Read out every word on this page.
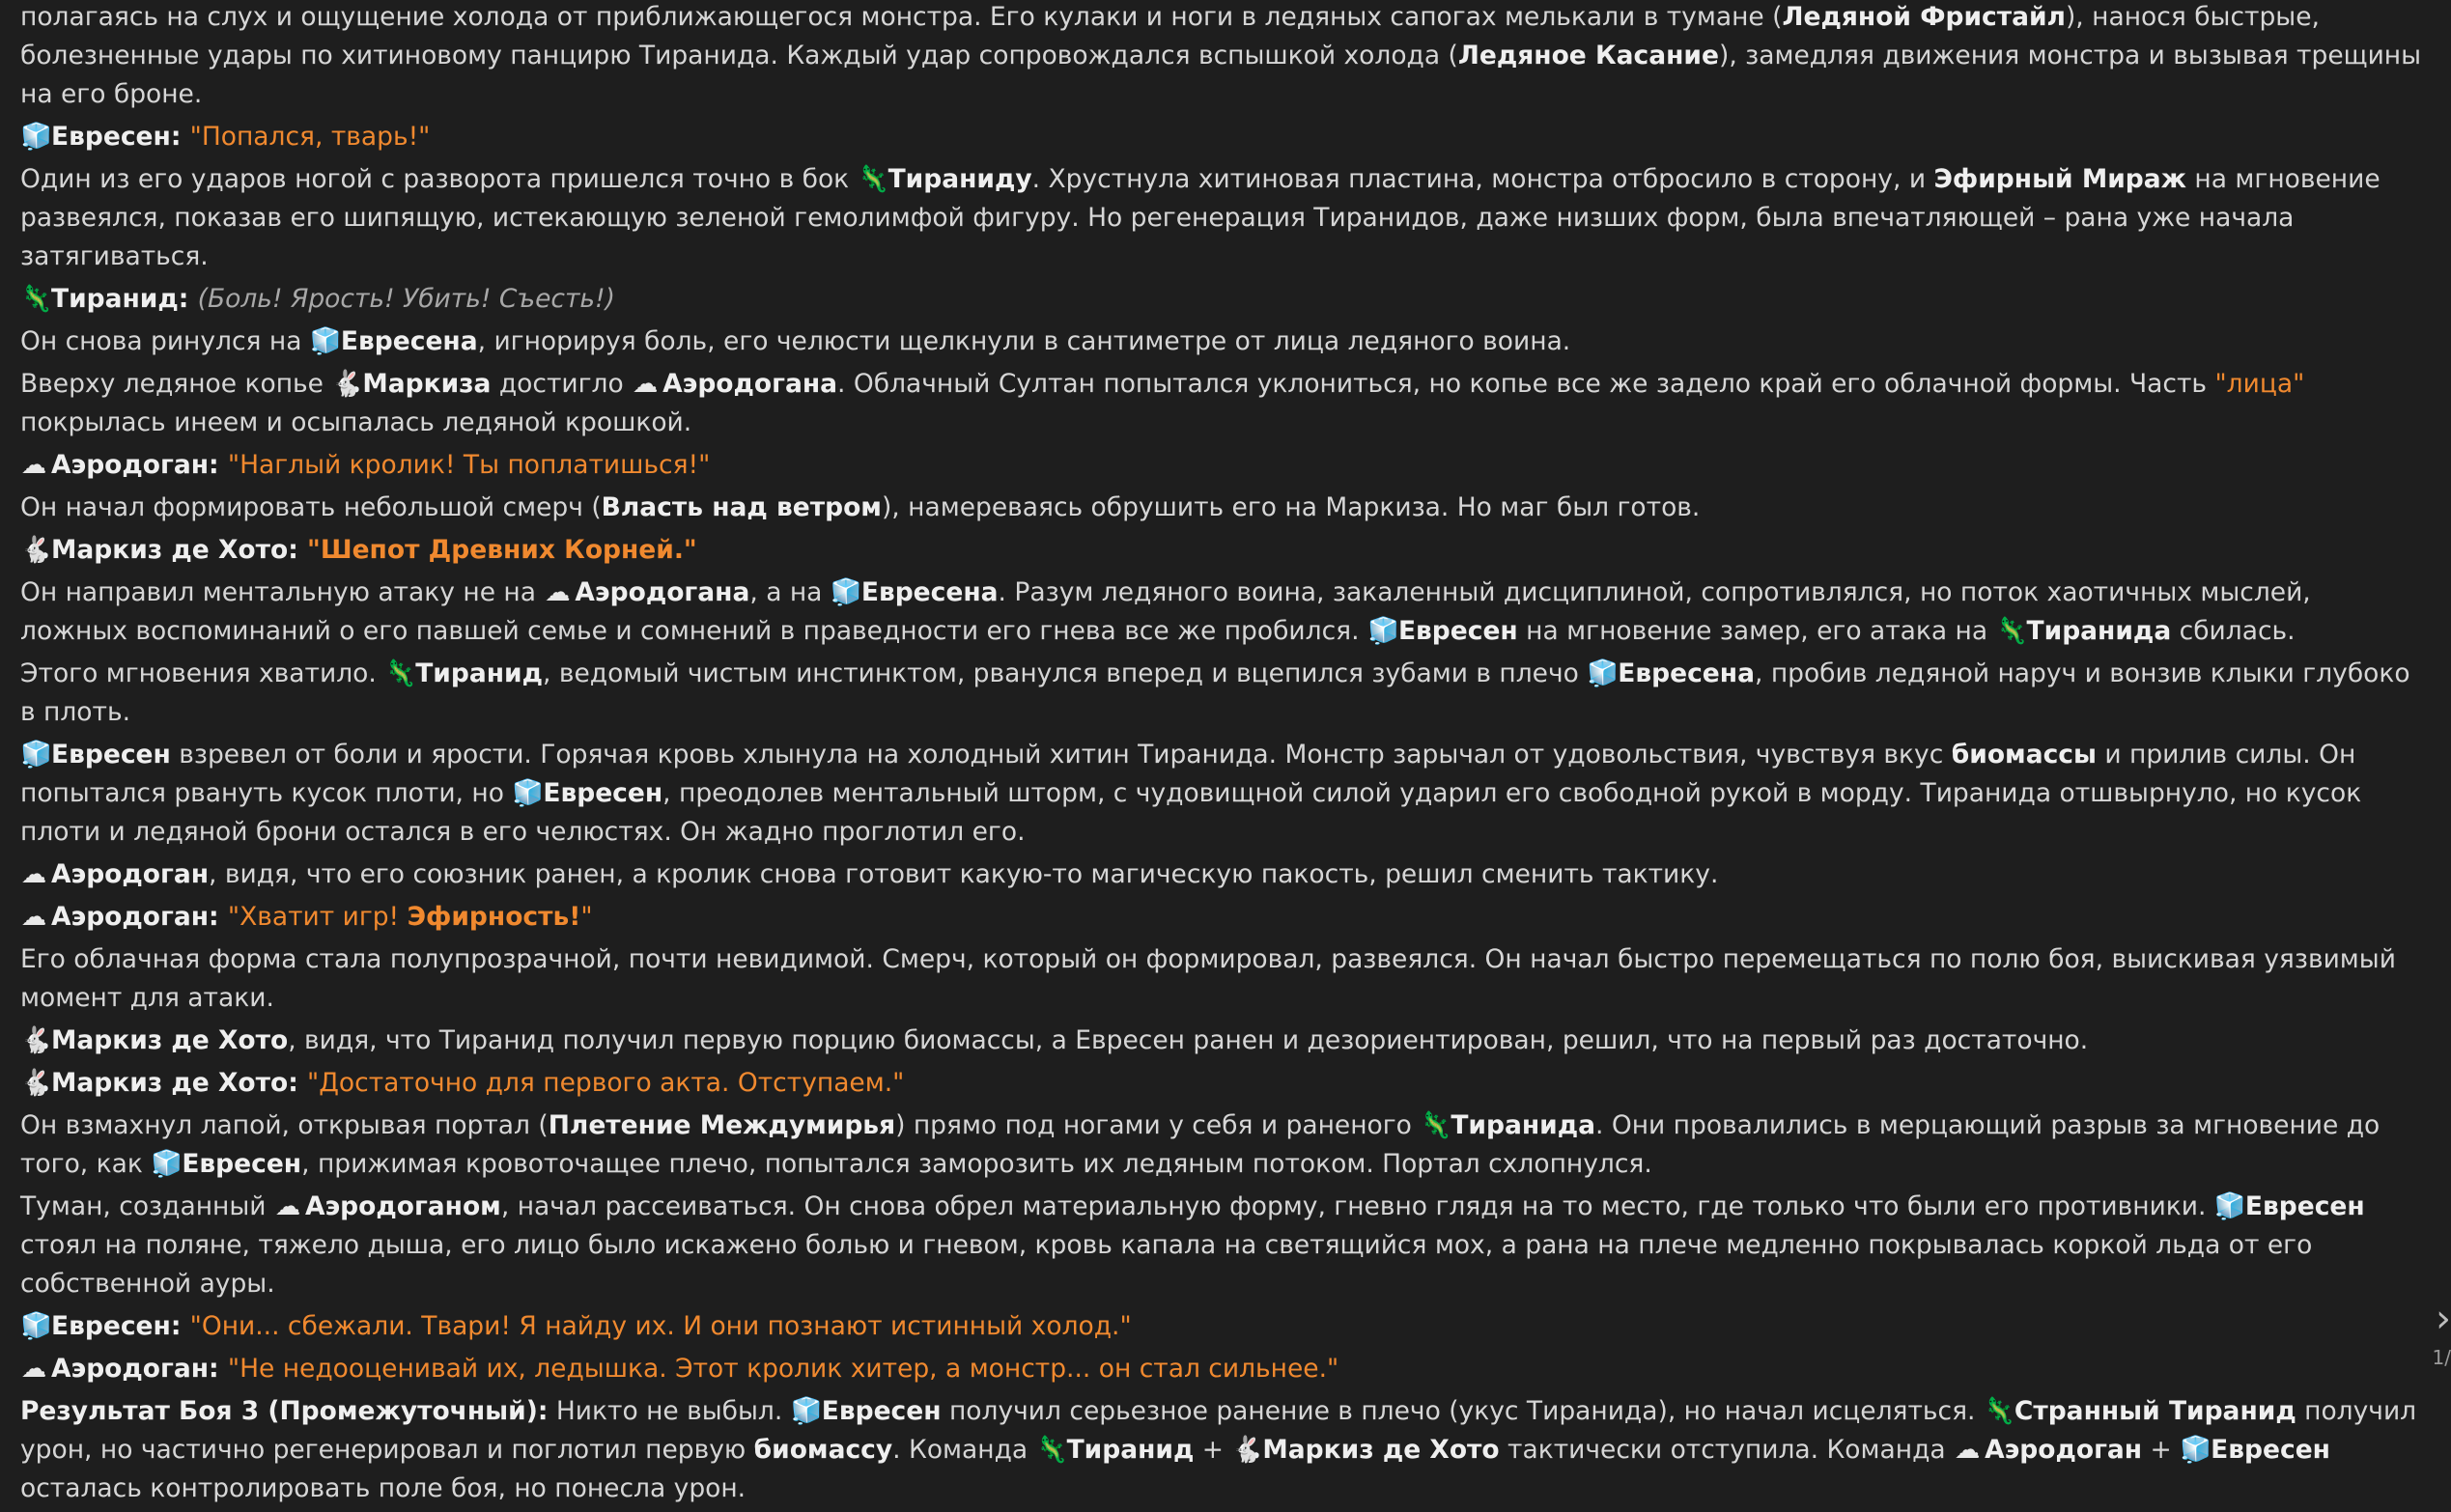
полагаясь на слух и ощущение холода от приближающегося монстра. Его кулаки и ноги в ледяных сапогах мелькали в тумане (Ледяной Фристайл), нанося быстрые, болезненные удары по хитиновому панцирю Тиранида. Каждый удар сопровождался вспышкой холода (Ледяное Касание), замедляя движения монстра и вызывая трещины на его броне.
🧊Евресен: "Попался, тварь!"
Один из его ударов ногой с разворота пришелся точно в бок 🦎Тираниду. Хрустнула хитиновая пластина, монстра отбросило в сторону, и Эфирный Мираж на мгновение развеялся, показав его шипящую, истекающую зеленой гемолимфой фигуру. Но регенерация Тиранидов, даже низших форм, была впечатляющей – рана уже начала затягиваться.
🦎Тиранид: (Боль! Ярость! Убить! Съесть!)
Он снова ринулся на 🧊Евресена, игнорируя боль, его челюсти щелкнули в сантиметре от лица ледяного воина.
Вверху ледяное копье 🐇Маркиза достигло ☁ Аэродогана. Облачный Султан попытался уклониться, но копье все же задело край его облачной формы. Часть "лица" покрылась инеем и осыпалась ледяной крошкой.
☁ Аэродоган: "Наглый кролик! Ты поплатишься!"
Он начал формировать небольшой смерч (Власть над ветром), намереваясь обрушить его на Маркиза. Но маг был готов.
🐇Маркиз де Хото: "Шепот Древних Корней."
Он направил ментальную атаку не на ☁ Аэродогана, а на 🧊Евресена. Разум ледяного воина, закаленный дисциплиной, сопротивлялся, но поток хаотичных мыслей, ложных воспоминаний о его павшей семье и сомнений в праведности его гнева все же пробился. 🧊Евресен на мгновение замер, его атака на 🦎Тиранида сбилась.
Этого мгновения хватило. 🦎Тиранид, ведомый чистым инстинктом, рванулся вперед и вцепился зубами в плечо 🧊Евресена, пробив ледяной наруч и вонзив клыки глубоко в плоть.
🧊Евресен взревел от боли и ярости. Горячая кровь хлынула на холодный хитин Тиранида. Монстр зарычал от удовольствия, чувствуя вкус биомассы и прилив силы. Он попытался рвануть кусок плоти, но 🧊Евресен, преодолев ментальный шторм, с чудовищной силой ударил его свободной рукой в морду. Тиранида отшвырнуло, но кусок плоти и ледяной брони остался в его челюстях. Он жадно проглотил его.
☁ Аэродоган, видя, что его союзник ранен, а кролик снова готовит какую-то магическую пакость, решил сменить тактику.
☁ Аэродоган: "Хватит игр! Эфирность!"
Его облачная форма стала полупрозрачной, почти невидимой. Смерч, который он формировал, развеялся. Он начал быстро перемещаться по полю боя, выискивая уязвимый момент для атаки.
🐇Маркиз де Хото, видя, что Тиранид получил первую порцию биомассы, а Евресен ранен и дезориентирован, решил, что на первый раз достаточно.
🐇Маркиз де Хото: "Достаточно для первого акта. Отступаем."
Он взмахнул лапой, открывая портал (Плетение Междумирья) прямо под ногами у себя и раненого 🦎Тиранида. Они провалились в мерцающий разрыв за мгновение до того, как 🧊Евресен, прижимая кровоточащее плечо, попытался заморозить их ледяным потоком. Портал схлопнулся.
Туман, созданный ☁ Аэродоганом, начал рассеиваться. Он снова обрел материальную форму, гневно глядя на то место, где только что были его противники. 🧊Евресен стоял на поляне, тяжело дыша, его лицо было искажено болью и гневом, кровь капала на светящийся мох, а рана на плече медленно покрывалась коркой льда от его собственной ауры.
🧊Евресен: "Они... сбежали. Твари! Я найду их. И они познают истинный холод."
☁ Аэродоган: "Не недооценивай их, ледышка. Этот кролик хитер, а монстр... он стал сильнее."
Результат Боя 3 (Промежуточный): Никто не выбыл. 🧊Евресен получил серьезное ранение в плечо (укус Тиранида), но начал исцеляться. 🦎Странный Тиранид получил урон, но частично регенерировал и поглотил первую биомассу. Команда 🦎Тиранид + 🐇Маркиз де Хото тактически отступила. Команда ☁ Аэродоган + 🧊Евресен осталась контролировать поле боя, но понесла урон.
›
1/
